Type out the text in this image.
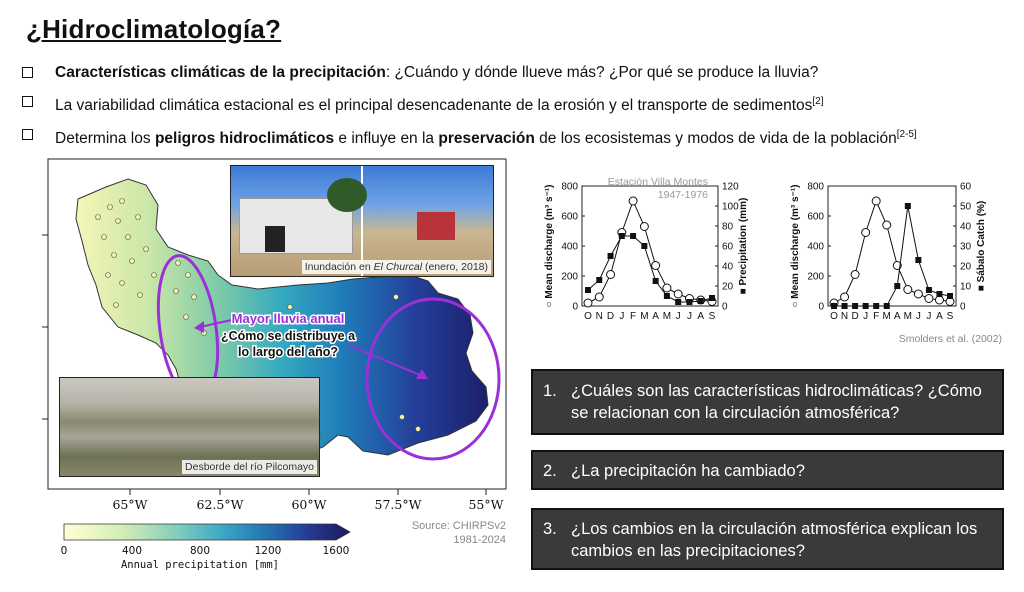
¿Hidroclimatología?
Características climáticas de la precipitación: ¿Cuándo y dónde llueve más? ¿Por qué se produce la lluvia?
La variabilidad climática estacional es el principal desencadenante de la erosión y el transporte de sedimentos[2]
Determina los peligros hidroclimáticos e influye en la preservación de los ecosistemas y modos de vida de la población[2-5]
Mayor lluvia anual
¿Cómo se distribuye a
lo largo del año?
65°W	62.5°W	60°W	57.5°W	55°W
0	400	800	1200	1600
Annual precipitation [mm]
Inundación en El Churcal (enero, 2018)
Desborde del río Pilcomayo
Source: CHIRPSv2
1981-2024
0
200
400
600
800
0
20
40
60
80
100
120
O N D J F M A M J J A S
○ Mean discharge (m³ s⁻¹)	■ Precipitation (mm)
Estación Villa Montes
1947-1976
0
200
400
600
800
0
10
20
30
40
50
60
O N D J F M A M J J A S
○ Mean discharge (m³ s⁻¹)	■ Sábalo Catch (%)
Smolders et al. (2002)
1. ¿Cuáles son las características hidroclimáticas? ¿Cómo
se relacionan con la circulación atmosférica?
2. ¿La precipitación ha cambiado?
3. ¿Los cambios en la circulación atmosférica explican los
cambios en las precipitaciones?
